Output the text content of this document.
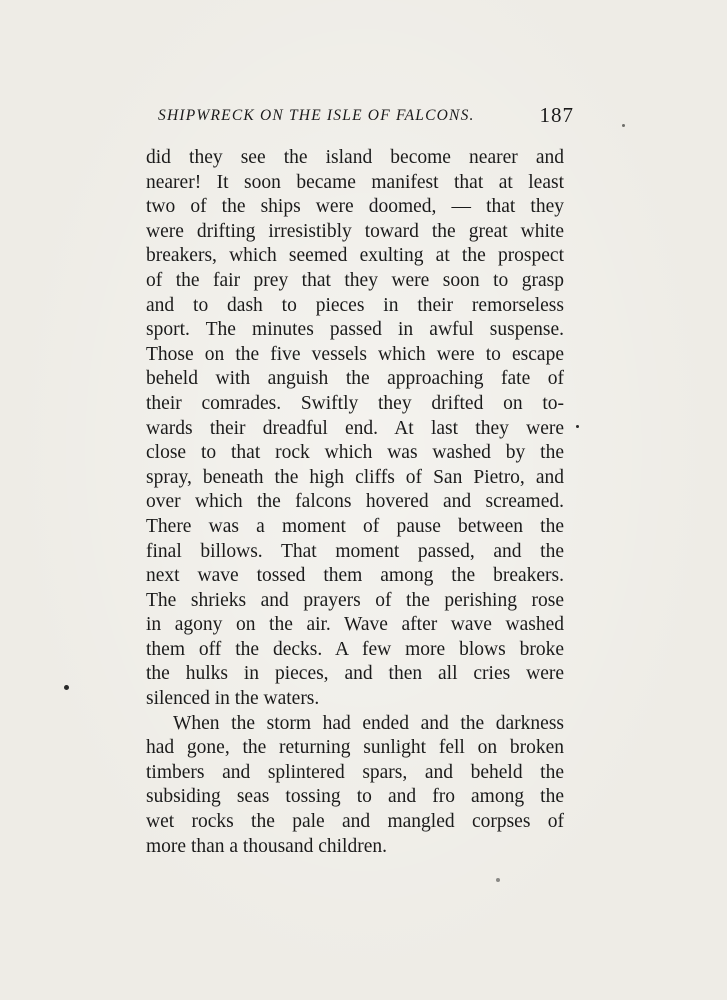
SHIPWRECK ON THE ISLE OF FALCONS.	187
did they see the island become nearer and
nearer! It soon became manifest that at least
two of the ships were doomed, — that they
were drifting irresistibly toward the great white
breakers, which seemed exulting at the prospect
of the fair prey that they were soon to grasp
and to dash to pieces in their remorseless
sport. The minutes passed in awful suspense.
Those on the five vessels which were to escape
beheld with anguish the approaching fate of
their comrades. Swiftly they drifted on to-
wards their dreadful end. At last they were
close to that rock which was washed by the
spray, beneath the high cliffs of San Pietro, and
over which the falcons hovered and screamed.
There was a moment of pause between the
final billows. That moment passed, and the
next wave tossed them among the breakers.
The shrieks and prayers of the perishing rose
in agony on the air. Wave after wave washed
them off the decks. A few more blows broke
the hulks in pieces, and then all cries were
silenced in the waters.
When the storm had ended and the darkness
had gone, the returning sunlight fell on broken
timbers and splintered spars, and beheld the
subsiding seas tossing to and fro among the
wet rocks the pale and mangled corpses of
more than a thousand children.
